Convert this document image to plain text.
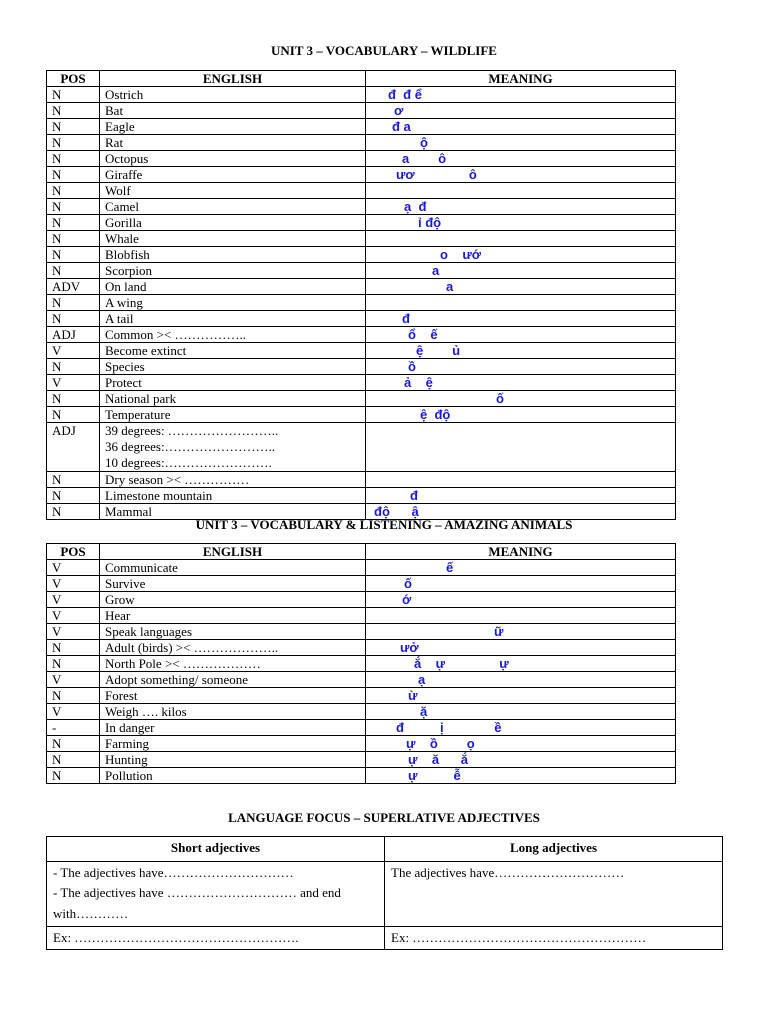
UNIT 3 – VOCABULARY – WILDLIFE
POS	ENGLISH	MEANING
N	Ostrich	đ  đ ể

N	Bat	ơ

N	Eagle	đ a

N	Rat	ộ

N	Octopus	a        ô

N	Giraffe	ươ               ô

N	Wolf	

N	Camel	ạ  đ

N	Gorilla	ỉ độ

N	Whale	

N	Blobfish	o    ướ

N	Scorpion	a

ADV	On land	a

N	A wing	

N	A tail	đ

ADJ	Common >< ……………..	ổ    ế

V	Become extinct	ệ        ủ

N	Species	ồ

V	Protect	ả    ệ

N	National park	ố

N	Temperature	ệ  độ

ADJ	39 degrees: ……………………..
36 degrees:……………………..
10 degrees:…………………….	

N	Dry season >< ……………	

N	Limestone mountain	đ

N	Mammal	độ      ậ
UNIT 3 – VOCABULARY & LISTENING – AMAZING ANIMALS
POS	ENGLISH	MEANING
V	Communicate	ế

V	Survive	ố

V	Grow	ớ

V	Hear	

V	Speak languages	ữ

N	Adult (birds) >< ………………..	ưở

N	North Pole >< ………………	ắ    ự               ự

V	Adopt something/ someone	ạ

N	Forest	ừ

V	Weigh …. kilos	ặ

-	In danger	đ          ị              ề

N	Farming	ự    ồ        ọ

N	Hunting	ự    ă      ắ

N	Pollution	ự          ễ
LANGUAGE FOCUS – SUPERLATIVE ADJECTIVES
Short adjectives	Long adjectives

- The adjectives have…………………………
- The adjectives have ………………………… and end
with…………	The adjectives have…………………………

Ex: …………………………………………….	Ex: ………………………………………………
